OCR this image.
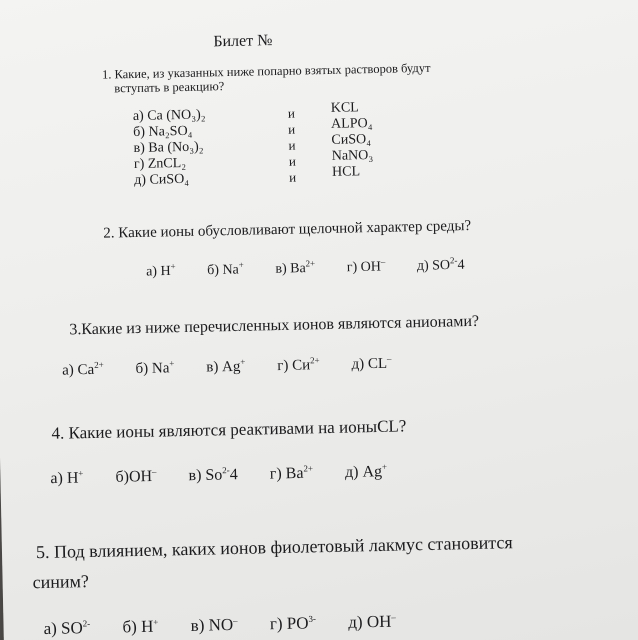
Билет №
1. Какие, из указанных ниже попарно взятых растворов будут
вступать в реакцию?
а) Ca (NO₃)₂	и	KCL
б) Na₂SO₄	и	ALPO₄
в) Ba (No₃)₂	и	CиSO₄
г) ZnCL₂	и	NaNO₃
д) CиSO₄	и	HCL
2. Какие ионы обусловливают щелочной характер среды?
а) H+ б) Na+ в) $Ba^{2+}$ г) OH– д) $SO^{2-}4$
3.Какие из ниже перечисленных ионов являются анионами?
а) $Ca^{2+}$ б) Na+ в) Ag+ г) $Cи^{2+}$ д) CL–
4. Какие ионы являются реактивами на ионыCL?
а) H+ б)OH– в) $So^{2-}4$ г) $Ba^{2+}$ д) Ag+
5. Под влиянием, каких ионов фиолетовый лакмус становится
синим?
а) $SO^{2-}$ б) H+ в) NO– г) $PO^{3-}$ д) OH–
